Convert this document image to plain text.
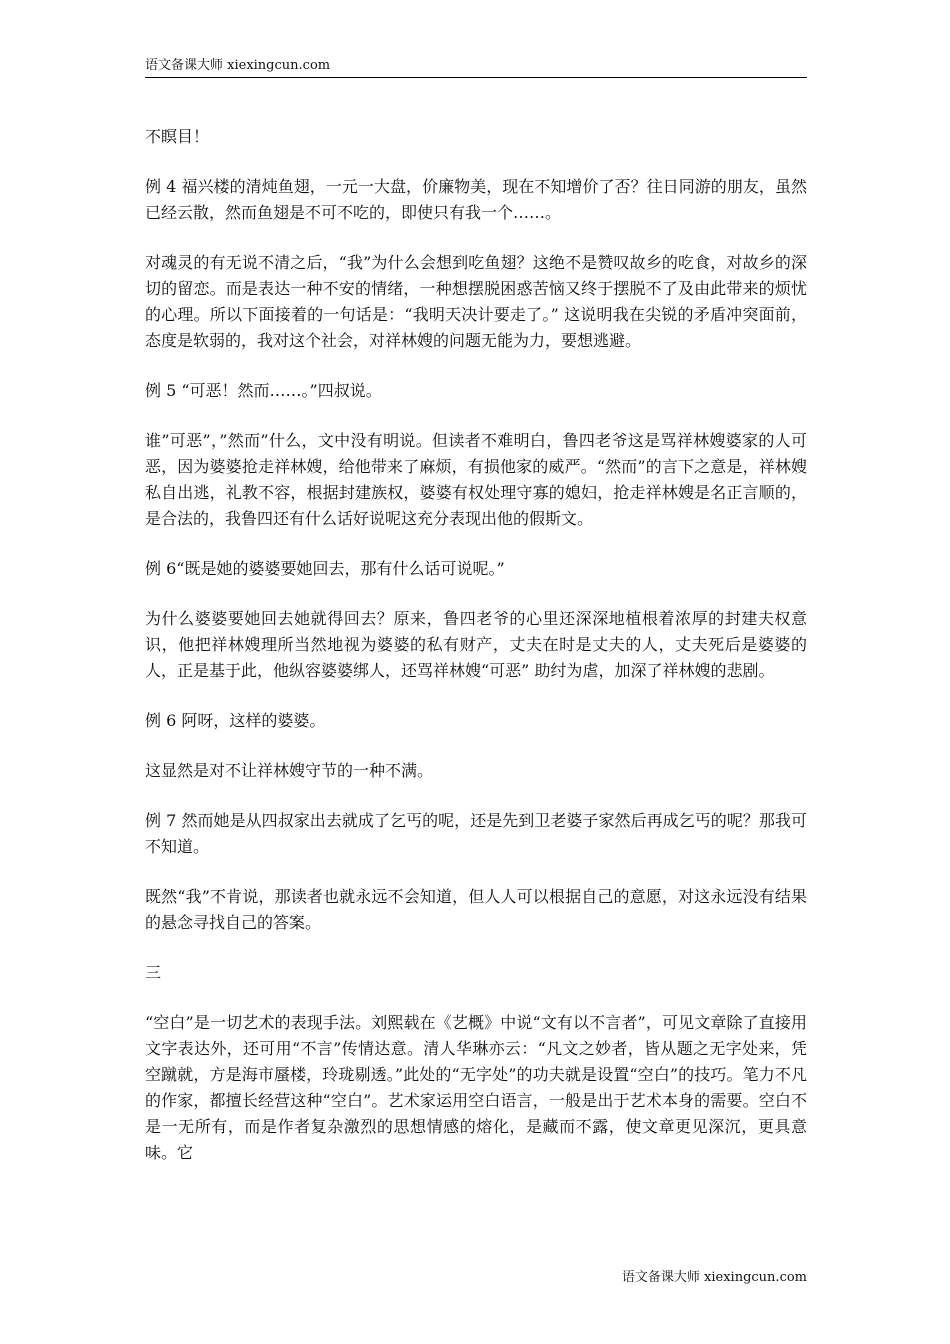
语文备课大师 xiexingcun.com

不瞑目！

例 4 福兴楼的清炖鱼翅，一元一大盘，价廉物美，现在不知增价了否？往日同游的朋友，虽然已经云散，然而鱼翅是不可不吃的，即使只有我一个……。

对魂灵的有无说不清之后，“我”为什么会想到吃鱼翅？这绝不是赞叹故乡的吃食，对故乡的深切的留恋。而是表达一种不安的情绪，一种想摆脱困惑苦恼又终于摆脱不了及由此带来的烦忧的心理。所以下面接着的一句话是：“我明天决计要走了。” 这说明我在尖锐的矛盾冲突面前，态度是软弱的，我对这个社会，对祥林嫂的问题无能为力，要想逃避。

例 5 “可恶！然而……。”四叔说。

谁”可恶”，”然而”什么，文中没有明说。但读者不难明白，鲁四老爷这是骂祥林嫂婆家的人可恶，因为婆婆抢走祥林嫂，给他带来了麻烦，有损他家的威严。“然而”的言下之意是，祥林嫂私自出逃，礼教不容，根据封建族权，婆婆有权处理守寡的媳妇，抢走祥林嫂是名正言顺的，是合法的，我鲁四还有什么话好说呢这充分表现出他的假斯文。

例 6“既是她的婆婆要她回去，那有什么话可说呢。”

为什么婆婆要她回去她就得回去？原来，鲁四老爷的心里还深深地植根着浓厚的封建夫权意识，他把祥林嫂理所当然地视为婆婆的私有财产，丈夫在时是丈夫的人，丈夫死后是婆婆的人，正是基于此，他纵容婆婆绑人，还骂祥林嫂“可恶” 助纣为虐，加深了祥林嫂的悲剧。

例 6 阿呀，这样的婆婆。

这显然是对不让祥林嫂守节的一种不满。

例 7 然而她是从四叔家出去就成了乞丐的呢，还是先到卫老婆子家然后再成乞丐的呢？那我可不知道。

既然“我”不肯说，那读者也就永远不会知道，但人人可以根据自己的意愿，对这永远没有结果的悬念寻找自己的答案。

三

“空白”是一切艺术的表现手法。刘熙载在《艺概》中说“文有以不言者”，可见文章除了直接用文字表达外，还可用“不言”传情达意。清人华琳亦云：“凡文之妙者，皆从题之无字处来，凭空蹴就，方是海市蜃楼，玲珑剔透。”此处的“无字处”的功夫就是设置“空白”的技巧。笔力不凡的作家，都擅长经营这种“空白”。艺术家运用空白语言，一般是出于艺术本身的需要。空白不是一无所有，而是作者复杂激烈的思想情感的熔化，是藏而不露，使文章更见深沉，更具意味。它

语文备课大师 xiexingcun.com
